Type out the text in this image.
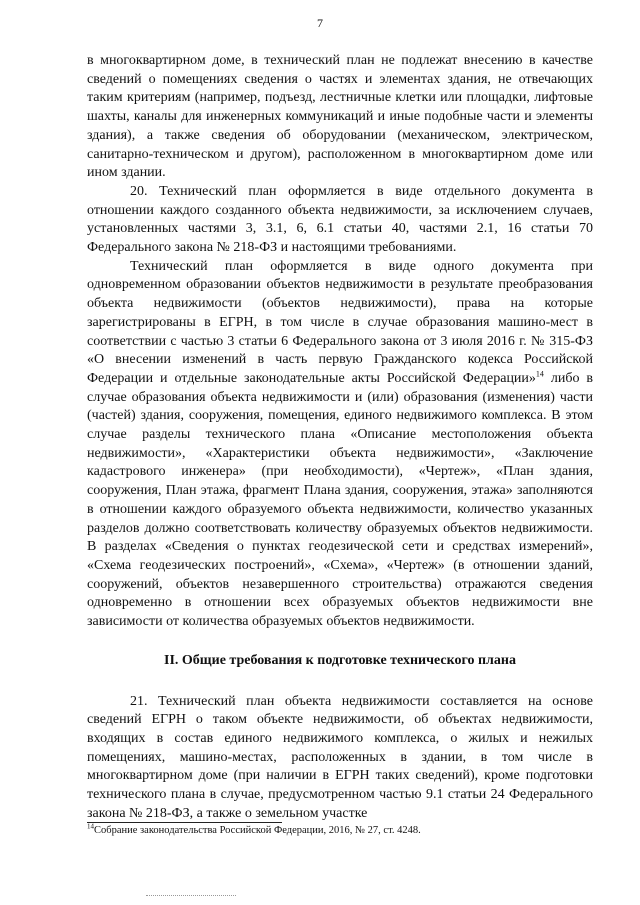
7

в многоквартирном доме, в технический план не подлежат внесению в качестве сведений о помещениях сведения о частях и элементах здания, не отвечающих таким критериям (например, подъезд, лестничные клетки или площадки, лифтовые шахты, каналы для инженерных коммуникаций и иные подобные части и элементы здания), а также сведения об оборудовании (механическом, электрическом, санитарно-техническом и другом), расположенном в многоквартирном доме или ином здании.

20. Технический план оформляется в виде отдельного документа в отношении каждого созданного объекта недвижимости, за исключением случаев, установленных частями 3, 3.1, 6, 6.1 статьи 40, частями 2.1, 16 статьи 70 Федерального закона № 218-ФЗ и настоящими требованиями.

Технический план оформляется в виде одного документа при одновременном образовании объектов недвижимости в результате преобразования объекта недвижимости (объектов недвижимости), права на которые зарегистрированы в ЕГРН, в том числе в случае образования машино-мест в соответствии с частью 3 статьи 6 Федерального закона от 3 июля 2016 г. № 315-ФЗ «О внесении изменений в часть первую Гражданского кодекса Российской Федерации и отдельные законодательные акты Российской Федерации»$^{14}$ либо в случае образования объекта недвижимости и (или) образования (изменения) части (частей) здания, сооружения, помещения, единого недвижимого комплекса. В этом случае разделы технического плана «Описание местоположения объекта недвижимости», «Характеристики объекта недвижимости», «Заключение кадастрового инженера» (при необходимости), «Чертеж», «План здания, сооружения, План этажа, фрагмент Плана здания, сооружения, этажа» заполняются в отношении каждого образуемого объекта недвижимости, количество указанных разделов должно соответствовать количеству образуемых объектов недвижимости. В разделах «Сведения о пунктах геодезической сети и средствах измерений», «Схема геодезических построений», «Схема», «Чертеж» (в отношении зданий, сооружений, объектов незавершенного строительства) отражаются сведения одновременно в отношении всех образуемых объектов недвижимости вне зависимости от количества образуемых объектов недвижимости.

II. Общие требования к подготовке технического плана

21. Технический план объекта недвижимости составляется на основе сведений ЕГРН о таком объекте недвижимости, об объектах недвижимости, входящих в состав единого недвижимого комплекса, о жилых и нежилых помещениях, машино-местах, расположенных в здании, в том числе в многоквартирном доме (при наличии в ЕГРН таких сведений), кроме подготовки технического плана в случае, предусмотренном частью 9.1 статьи 24 Федерального закона № 218-ФЗ, а также о земельном участке

$^{14}$Собрание законодательства Российской Федерации, 2016, № 27, ст. 4248.
